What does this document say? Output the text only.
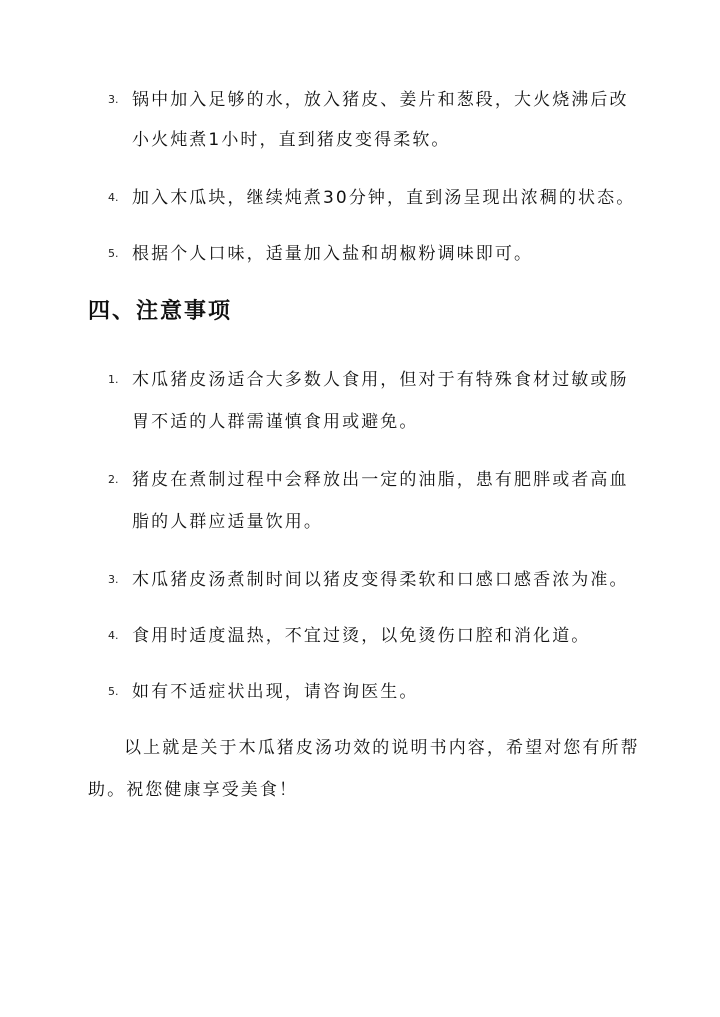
3. 锅中加入足够的水，放入猪皮、姜片和葱段，大火烧沸后改
小火炖煮1小时，直到猪皮变得柔软。
4. 加入木瓜块，继续炖煮30分钟，直到汤呈现出浓稠的状态。
5. 根据个人口味，适量加入盐和胡椒粉调味即可。
四、注意事项
1. 木瓜猪皮汤适合大多数人食用，但对于有特殊食材过敏或肠
胃不适的人群需谨慎食用或避免。
2. 猪皮在煮制过程中会释放出一定的油脂，患有肥胖或者高血
脂的人群应适量饮用。
3. 木瓜猪皮汤煮制时间以猪皮变得柔软和口感口感香浓为准。
4. 食用时适度温热，不宜过烫，以免烫伤口腔和消化道。
5. 如有不适症状出现，请咨询医生。
以上就是关于木瓜猪皮汤功效的说明书内容，希望对您有所帮
助。祝您健康享受美食！
